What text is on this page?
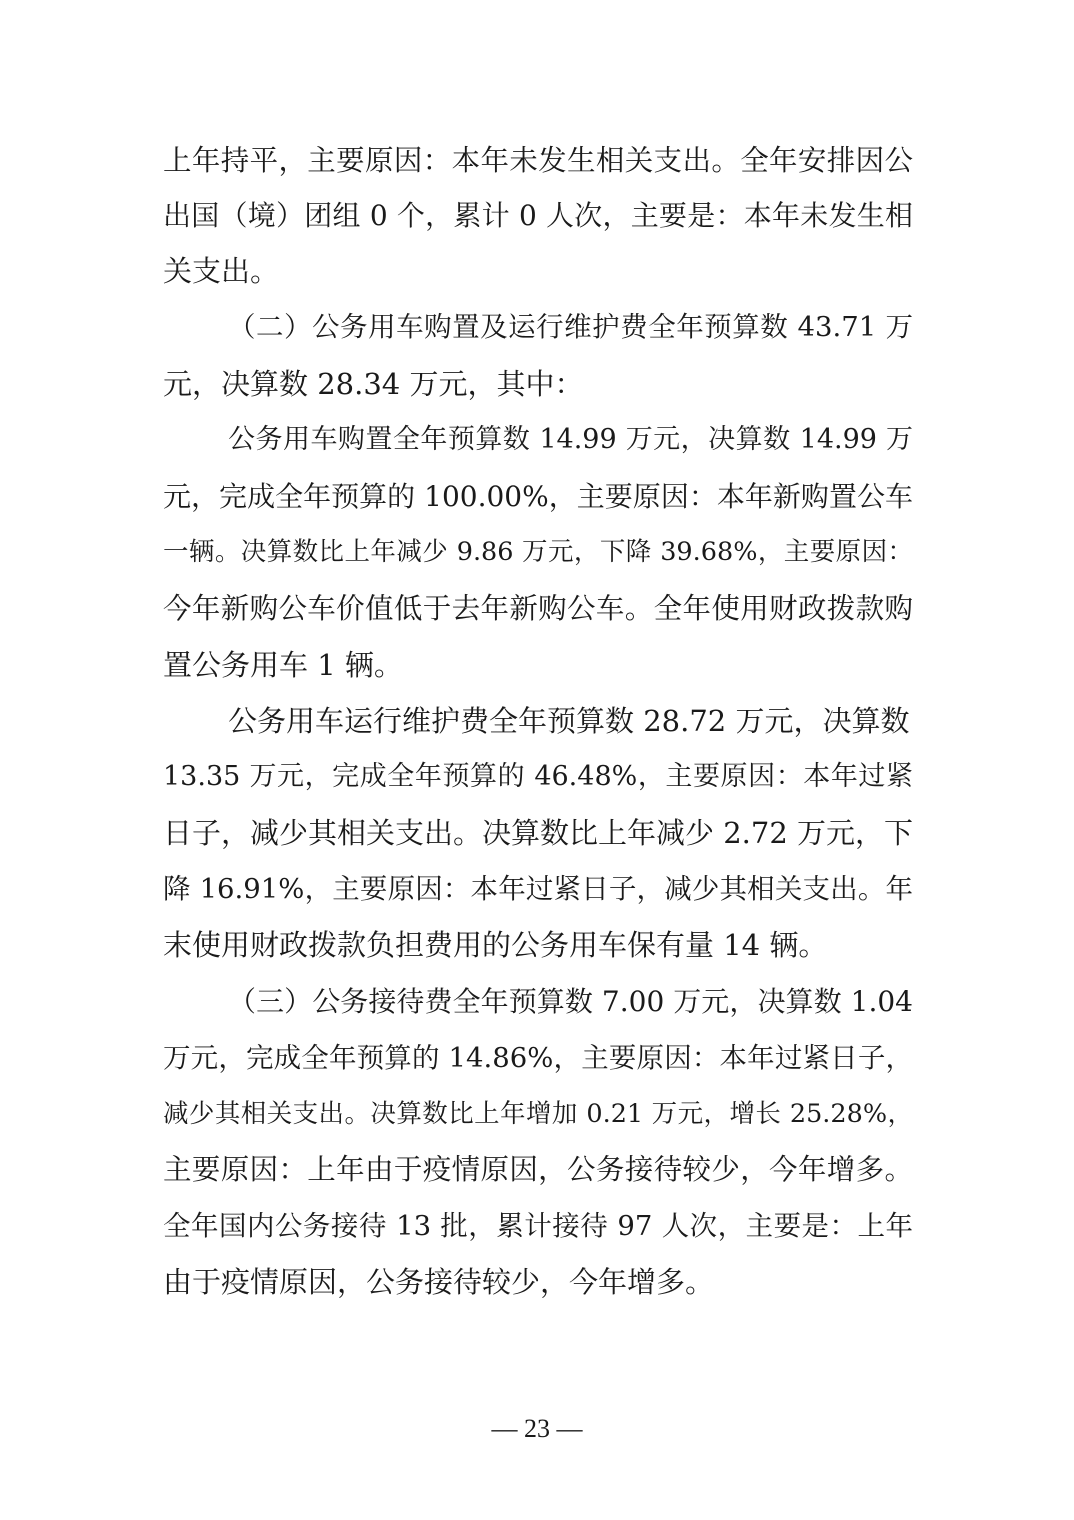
上年持平，主要原因：本年未发生相关支出。全年安排因公
出国（境）团组 0 个，累计 0 人次，主要是：本年未发生相
关支出。
（二）公务用车购置及运行维护费全年预算数 43.71 万
元，决算数 28.34 万元，其中：
公务用车购置全年预算数 14.99 万元，决算数 14.99 万
元，完成全年预算的 100.00%，主要原因：本年新购置公车
一辆。决算数比上年减少 9.86 万元，下降 39.68%，主要原因：
今年新购公车价值低于去年新购公车。全年使用财政拨款购
置公务用车 1 辆。
公务用车运行维护费全年预算数 28.72 万元，决算数
13.35 万元，完成全年预算的 46.48%，主要原因：本年过紧
日子，减少其相关支出。决算数比上年减少 2.72 万元，下
降 16.91%，主要原因：本年过紧日子，减少其相关支出。年
末使用财政拨款负担费用的公务用车保有量 14 辆。
（三）公务接待费全年预算数 7.00 万元，决算数 1.04
万元，完成全年预算的 14.86%，主要原因：本年过紧日子，
减少其相关支出。决算数比上年增加 0.21 万元，增长 25.28%，
主要原因：上年由于疫情原因，公务接待较少，今年增多。
全年国内公务接待 13 批，累计接待 97 人次，主要是：上年
由于疫情原因，公务接待较少，今年增多。
— 23 —
